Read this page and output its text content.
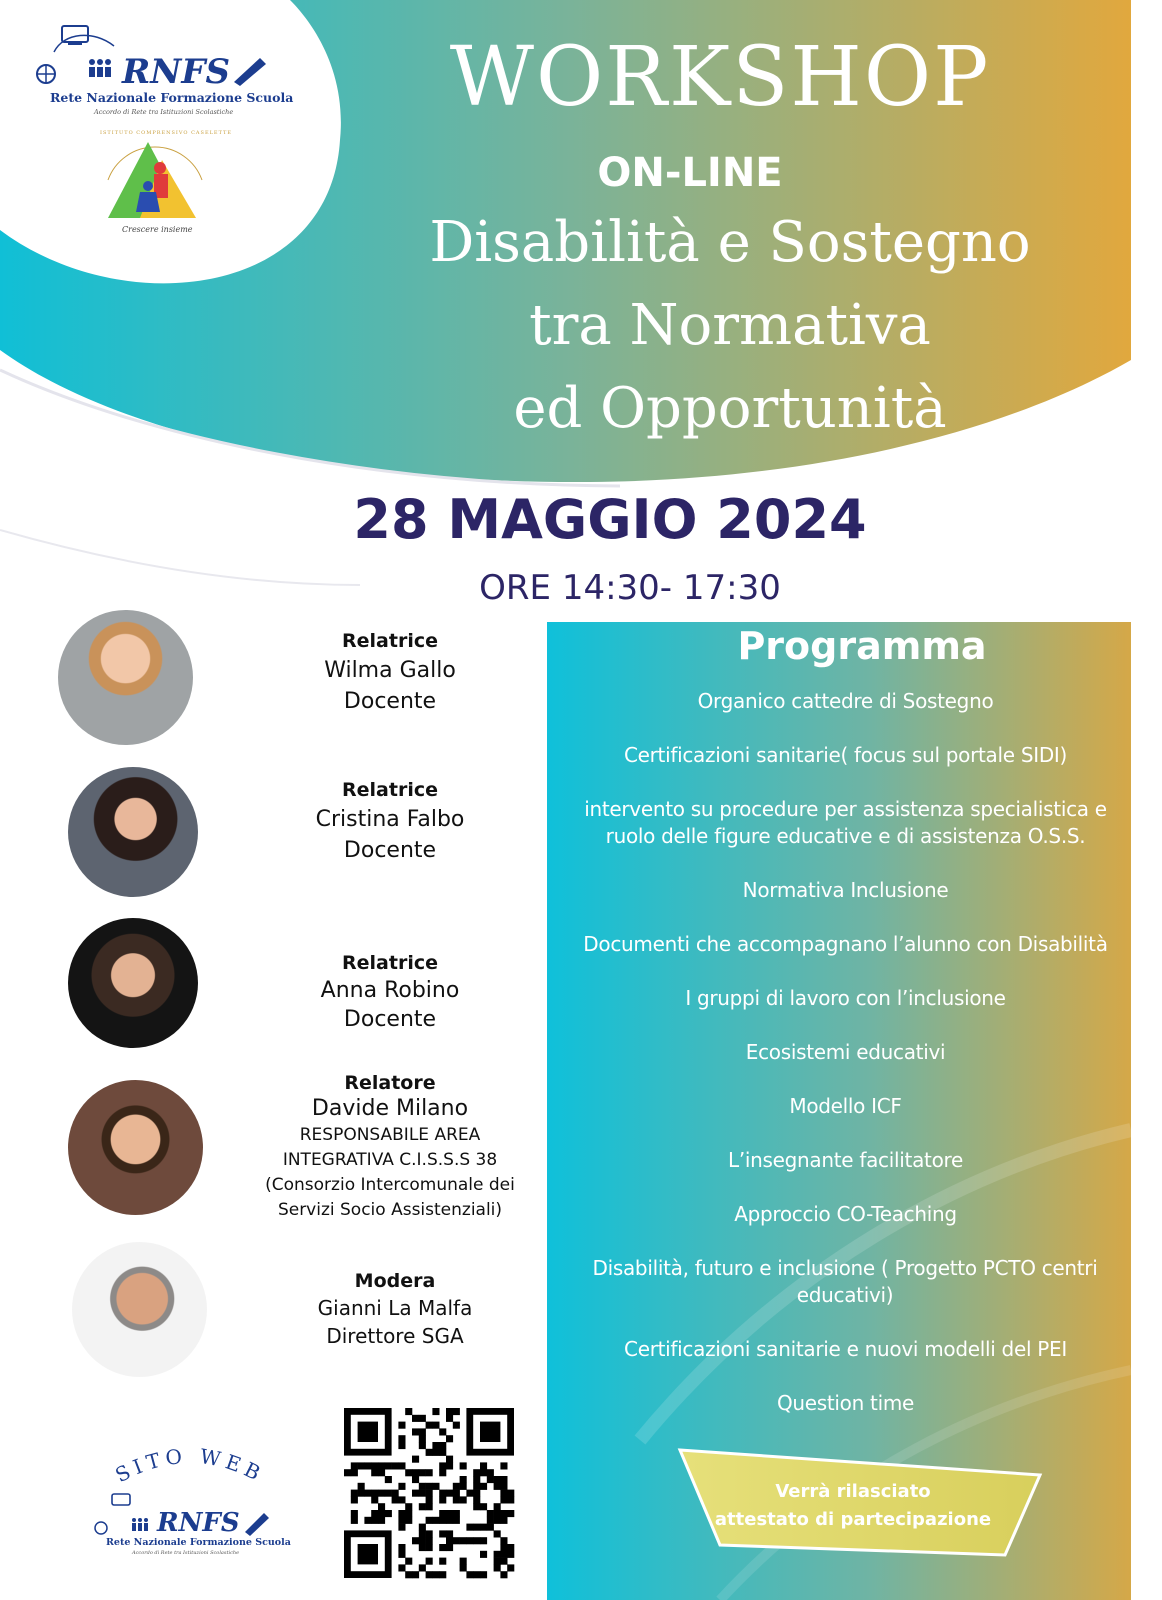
RNFS
Rete Nazionale Formazione Scuola
Accordo di Rete tra Istituzioni Scolastiche
ISTITUTO COMPRENSIVO CASELETTE
Crescere insieme
WORKSHOP
ON-LINE
Disabilità e Sostegno
tra Normativa
ed Opportunità
28 MAGGIO 2024
ORE 14:30- 17:30
Relatrice
Wilma Gallo
Docente
Relatrice
Cristina Falbo
Docente
Relatrice
Anna Robino
Docente
Relatore
Davide Milano
RESPONSABILE AREA
INTEGRATIVA C.I.S.S.S 38
(Consorzio Intercomunale dei
Servizi Socio Assistenziali)
Modera
Gianni La Malfa
Direttore SGA
Programma
Organico cattedre di Sostegno
Certificazioni sanitarie( focus sul portale SIDI)
intervento su procedure per assistenza specialistica e ruolo delle figure educative e di assistenza O.S.S.
Normativa Inclusione
Documenti che accompagnano l’alunno con Disabilità
I gruppi di lavoro con l’inclusione
Ecosistemi educativi
Modello ICF
L’insegnante facilitatore
Approccio CO-Teaching
Disabilità, futuro e inclusione ( Progetto PCTO centri educativi)
Certificazioni sanitarie e nuovi modelli del PEI
Question time
Verrà rilasciato
attestato di partecipazione
SITO WEB
RNFS
Rete Nazionale Formazione Scuola
Accordo di Rete tra Istituzioni Scolastiche
